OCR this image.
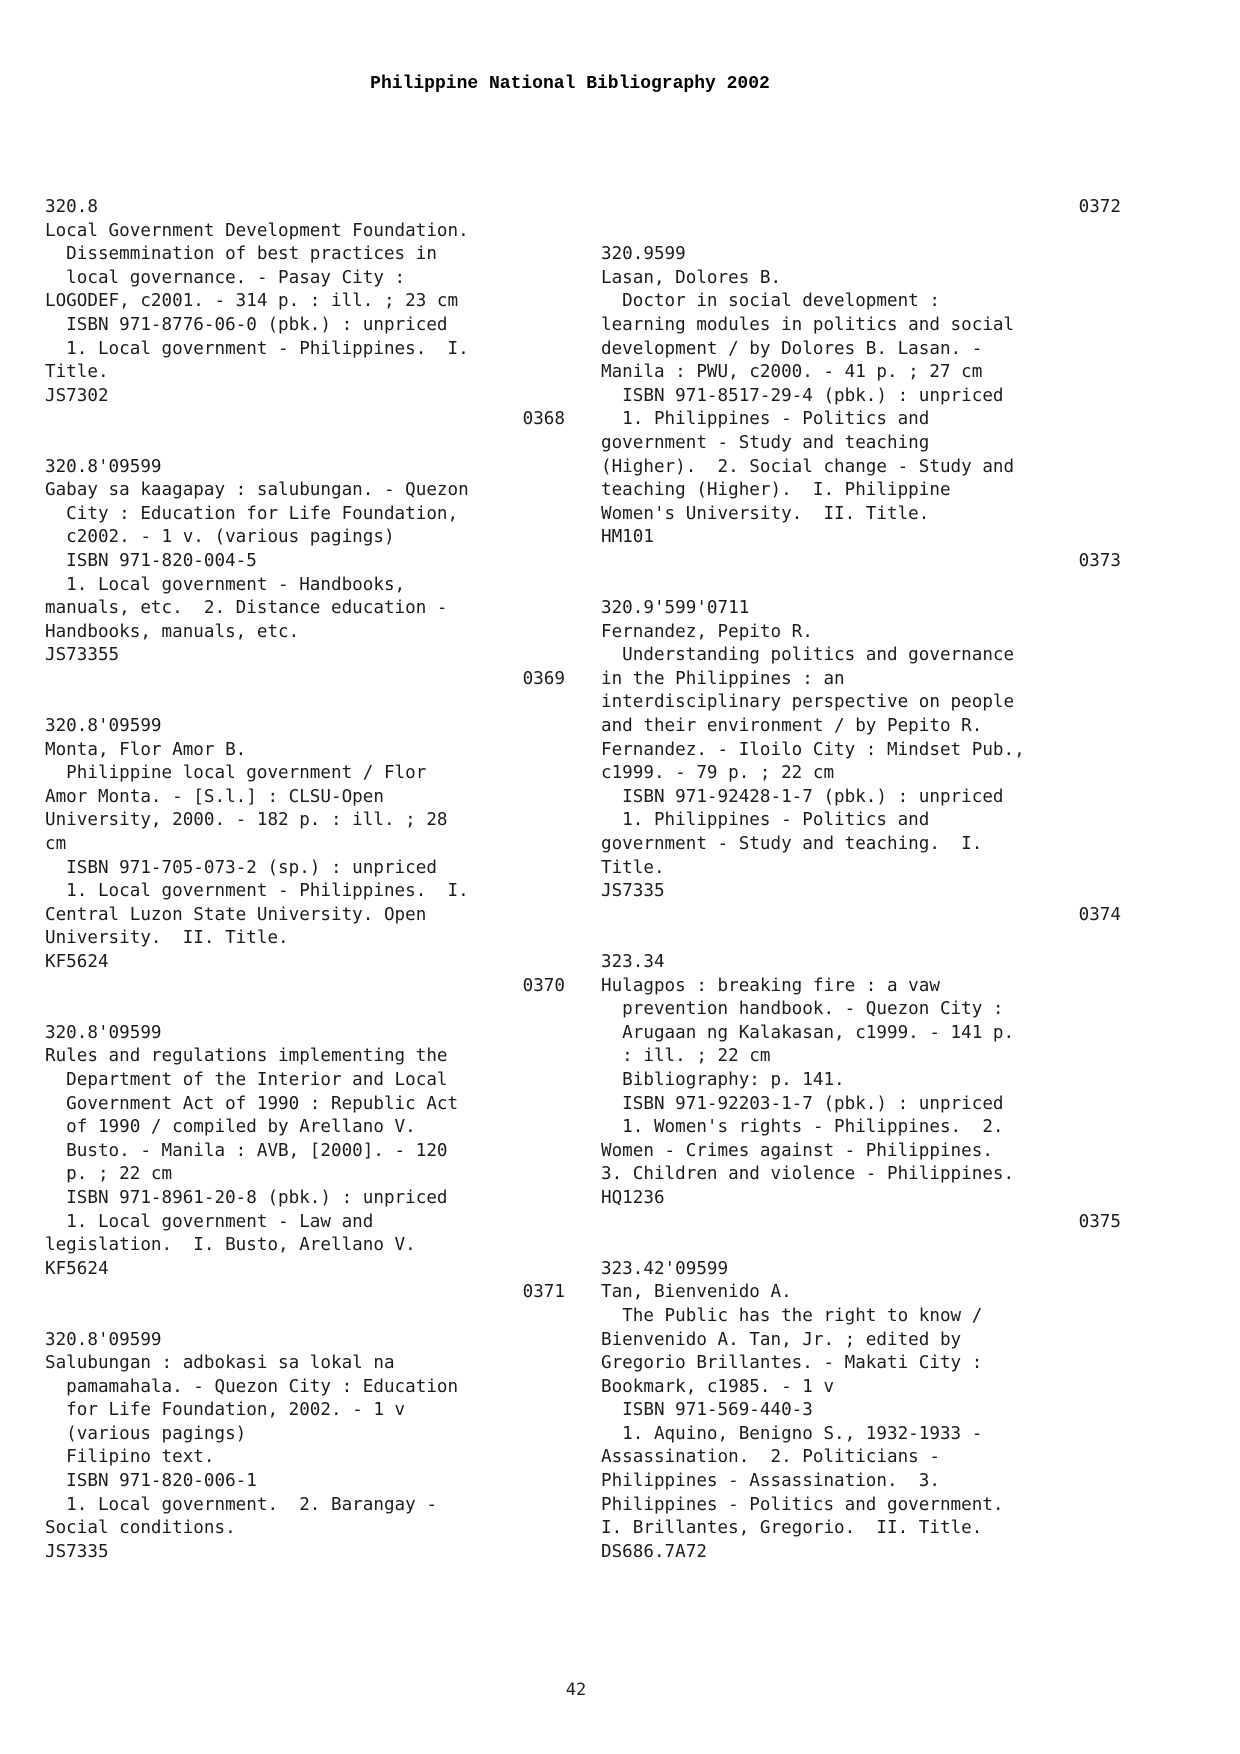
Philippine National Bibliography 2002
320.8
Local Government Development Foundation.
Dissemmination of best practices in
local governance. - Pasay City :
LOGODEF, c2001. - 314 p. : ill. ; 23 cm
ISBN 971-8776-06-0 (pbk.) : unpriced
1. Local government - Philippines.  I.
Title.
JS7302
0368
320.8'09599
Gabay sa kaagapay : salubungan. - Quezon
City : Education for Life Foundation,
c2002. - 1 v. (various pagings)
ISBN 971-820-004-5
1. Local government - Handbooks,
manuals, etc.  2. Distance education -
Handbooks, manuals, etc.
JS73355
0369
320.8'09599
Monta, Flor Amor B.
Philippine local government / Flor
Amor Monta. - [S.l.] : CLSU-Open
University, 2000. - 182 p. : ill. ; 28
cm
ISBN 971-705-073-2 (sp.) : unpriced
1. Local government - Philippines.  I.
Central Luzon State University. Open
University.  II. Title.
KF5624
0370
320.8'09599
Rules and regulations implementing the
Department of the Interior and Local
Government Act of 1990 : Republic Act
of 1990 / compiled by Arellano V.
Busto. - Manila : AVB, [2000]. - 120
p. ; 22 cm
ISBN 971-8961-20-8 (pbk.) : unpriced
1. Local government - Law and
legislation.  I. Busto, Arellano V.
KF5624
0371
320.8'09599
Salubungan : adbokasi sa lokal na
pamamahala. - Quezon City : Education
for Life Foundation, 2002. - 1 v
(various pagings)
Filipino text.
ISBN 971-820-006-1
1. Local government.  2. Barangay -
Social conditions.
JS7335
0372
320.9599
Lasan, Dolores B.
Doctor in social development :
learning modules in politics and social
development / by Dolores B. Lasan. -
Manila : PWU, c2000. - 41 p. ; 27 cm
ISBN 971-8517-29-4 (pbk.) : unpriced
1. Philippines - Politics and
government - Study and teaching
(Higher).  2. Social change - Study and
teaching (Higher).  I. Philippine
Women's University.  II. Title.
HM101
0373
320.9'599'0711
Fernandez, Pepito R.
Understanding politics and governance
in the Philippines : an
interdisciplinary perspective on people
and their environment / by Pepito R.
Fernandez. - Iloilo City : Mindset Pub.,
c1999. - 79 p. ; 22 cm
ISBN 971-92428-1-7 (pbk.) : unpriced
1. Philippines - Politics and
government - Study and teaching.  I.
Title.
JS7335
0374
323.34
Hulagpos : breaking fire : a vaw
prevention handbook. - Quezon City :
Arugaan ng Kalakasan, c1999. - 141 p.
: ill. ; 22 cm
Bibliography: p. 141.
ISBN 971-92203-1-7 (pbk.) : unpriced
1. Women's rights - Philippines.  2.
Women - Crimes against - Philippines.
3. Children and violence - Philippines.
HQ1236
0375
323.42'09599
Tan, Bienvenido A.
The Public has the right to know /
Bienvenido A. Tan, Jr. ; edited by
Gregorio Brillantes. - Makati City :
Bookmark, c1985. - 1 v
ISBN 971-569-440-3
1. Aquino, Benigno S., 1932-1933 -
Assassination.  2. Politicians -
Philippines - Assassination.  3.
Philippines - Politics and government.
I. Brillantes, Gregorio.  II. Title.
DS686.7A72
42
